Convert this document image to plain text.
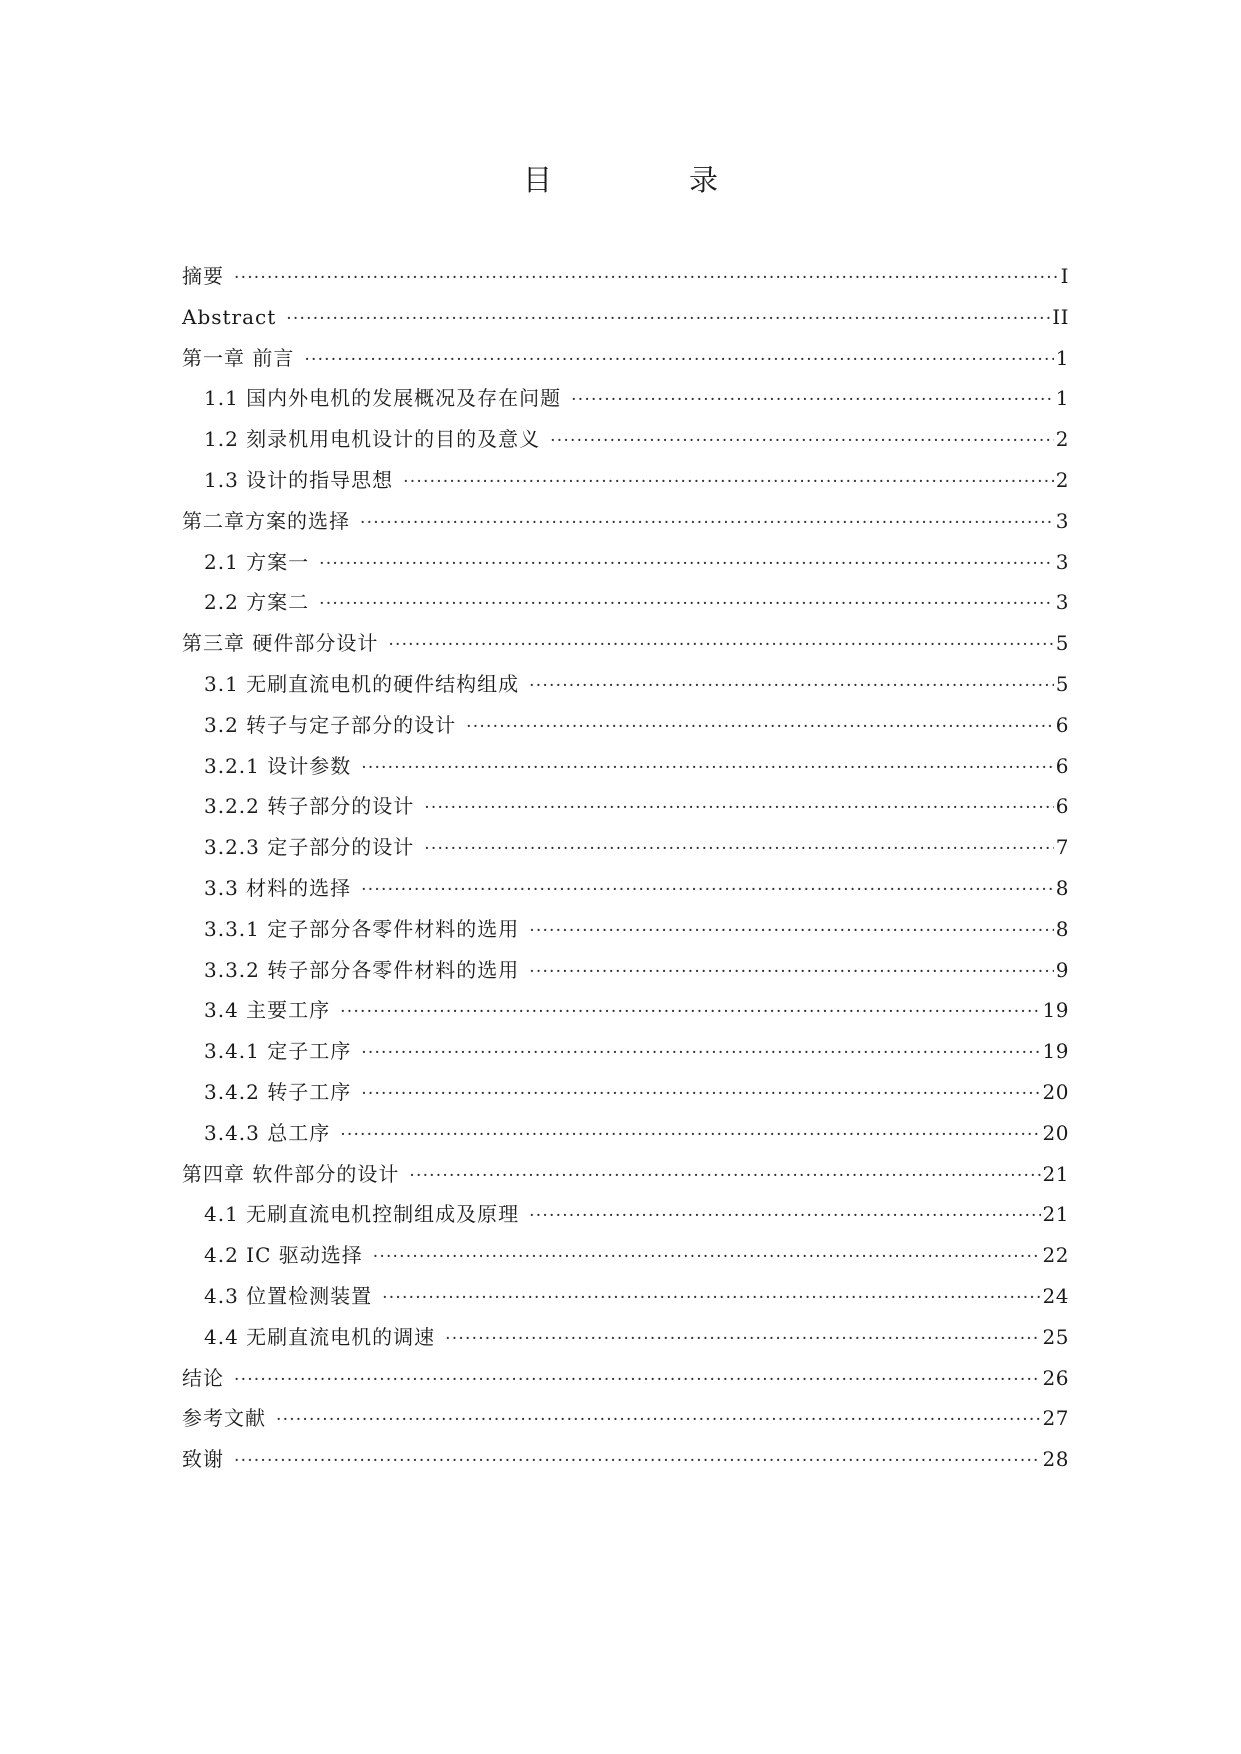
目　录
摘要 ·····	I
Abstract ·····	II
第一章 前言 ·····	1
1.1 国内外电机的发展概况及存在问题 ·····	1
1.2 刻录机用电机设计的目的及意义 ·····	2
1.3 设计的指导思想 ·····	2
第二章方案的选择 ·····	3
2.1 方案一 ·····	3
2.2 方案二 ·····	3
第三章 硬件部分设计 ·····	5
3.1 无刷直流电机的硬件结构组成 ·····	5
3.2 转子与定子部分的设计 ·····	6
3.2.1 设计参数 ·····	6
3.2.2 转子部分的设计 ·····	6
3.2.3 定子部分的设计 ·····	7
3.3 材料的选择 ·····	8
3.3.1 定子部分各零件材料的选用 ·····	8
3.3.2 转子部分各零件材料的选用 ·····	9
3.4 主要工序 ·····	19
3.4.1 定子工序 ·····	19
3.4.2 转子工序 ·····	20
3.4.3 总工序 ·····	20
第四章 软件部分的设计 ·····	21
4.1 无刷直流电机控制组成及原理 ·····	21
4.2 IC 驱动选择 ·····	22
4.3 位置检测装置 ·····	24
4.4 无刷直流电机的调速 ·····	25
结论 ·····	26
参考文献 ·····	27
致谢 ·····	28
